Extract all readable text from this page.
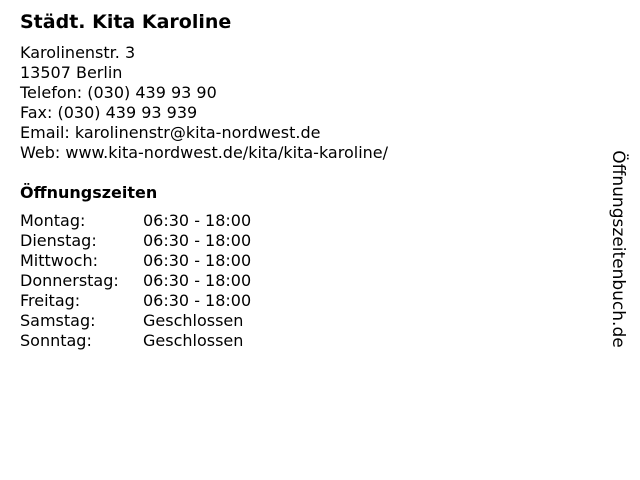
Städt. Kita Karoline
Karolinenstr. 3
13507 Berlin
Telefon: (030) 439 93 90
Fax: (030) 439 93 939
Email: karolinenstr@kita-nordwest.de
Web: www.kita-nordwest.de/kita/kita-karoline/
Öffnungszeiten
Montag:	06:30 - 18:00
Dienstag:	06:30 - 18:00
Mittwoch:	06:30 - 18:00
Donnerstag:	06:30 - 18:00
Freitag:	06:30 - 18:00
Samstag:	Geschlossen
Sonntag:	Geschlossen	Öffnungszeitenbuch.de
